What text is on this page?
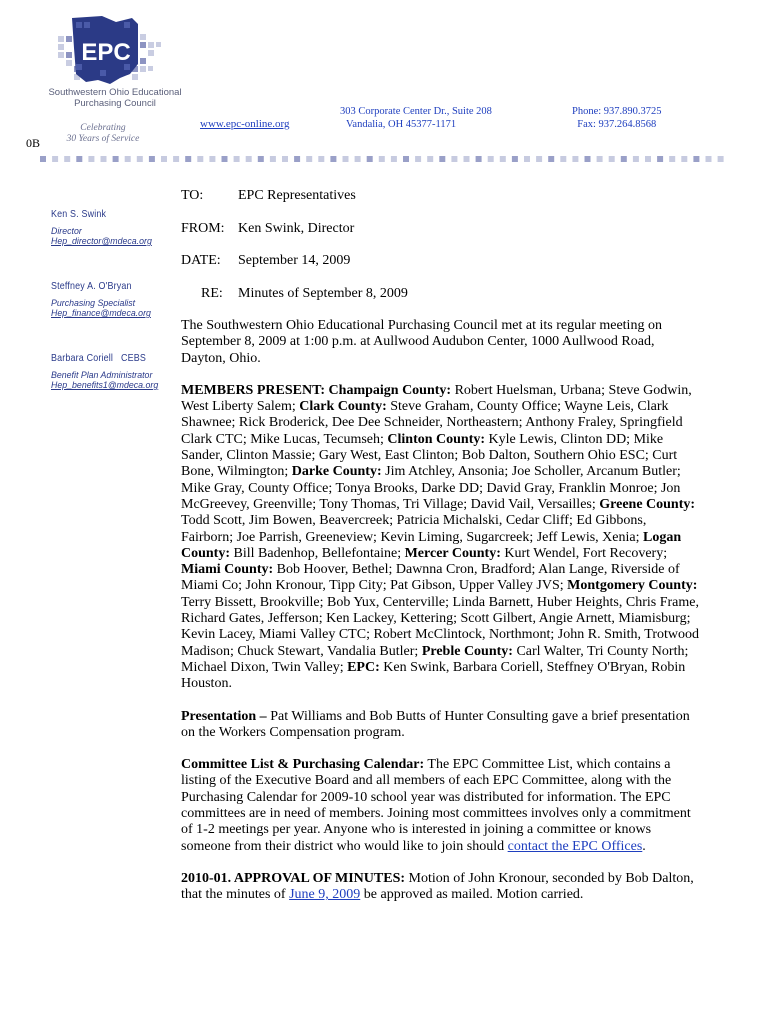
EPC
Southwestern Ohio Educational
Purchasing Council
Celebrating
30 Years of Service
0B
www.epc-online.org
303 Corporate Center Dr., Suite 208
Vandalia, OH 45377-1171
Phone: 937.890.3725
Fax: 937.264.8568
Ken S. Swink
Director
Hep_director@mdeca.org
Steffney A. O'Bryan
Purchasing Specialist
Hep_finance@mdeca.org
Barbara Coriell   CEBS
Benefit Plan Administrator
Hep_benefits1@mdeca.org
TO: EPC Representatives
FROM: Ken Swink, Director
DATE: September 14, 2009
RE: Minutes of September 8, 2009

The Southwestern Ohio Educational Purchasing Council met at its regular meeting on September 8, 2009 at 1:00 p.m. at Aullwood Audubon Center, 1000 Aullwood Road, Dayton, Ohio.

MEMBERS PRESENT: Champaign County: Robert Huelsman, Urbana; Steve Godwin, West Liberty Salem; Clark County: Steve Graham, County Office; Wayne Leis, Clark Shawnee; Rick Broderick, Dee Dee Schneider, Northeastern; Anthony Fraley, Springfield Clark CTC; Mike Lucas, Tecumseh; Clinton County: Kyle Lewis, Clinton DD; Mike Sander, Clinton Massie; Gary West, East Clinton; Bob Dalton, Southern Ohio ESC; Curt Bone, Wilmington; Darke County: Jim Atchley, Ansonia; Joe Scholler, Arcanum Butler; Mike Gray, County Office; Tonya Brooks, Darke DD; David Gray, Franklin Monroe; Jon McGreevey, Greenville; Tony Thomas, Tri Village; David Vail, Versailles; Greene County: Todd Scott, Jim Bowen, Beavercreek; Patricia Michalski, Cedar Cliff; Ed Gibbons, Fairborn; Joe Parrish, Greeneview; Kevin Liming, Sugarcreek; Jeff Lewis, Xenia; Logan County: Bill Badenhop, Bellefontaine; Mercer County: Kurt Wendel, Fort Recovery; Miami County: Bob Hoover, Bethel; Dawnna Cron, Bradford; Alan Lange, Riverside of Miami Co; John Kronour, Tipp City; Pat Gibson, Upper Valley JVS; Montgomery County: Terry Bissett, Brookville; Bob Yux, Centerville; Linda Barnett, Huber Heights, Chris Frame, Richard Gates, Jefferson; Ken Lackey, Kettering; Scott Gilbert, Angie Arnett, Miamisburg; Kevin Lacey, Miami Valley CTC; Robert McClintock, Northmont; John R. Smith, Trotwood Madison; Chuck Stewart, Vandalia Butler; Preble County: Carl Walter, Tri County North; Michael Dixon, Twin Valley; EPC: Ken Swink, Barbara Coriell, Steffney O'Bryan, Robin Houston.

Presentation – Pat Williams and Bob Butts of Hunter Consulting gave a brief presentation on the Workers Compensation program.

Committee List & Purchasing Calendar: The EPC Committee List, which contains a listing of the Executive Board and all members of each EPC Committee, along with the Purchasing Calendar for 2009-10 school year was distributed for information. The EPC committees are in need of members. Joining most committees involves only a commitment of 1-2 meetings per year. Anyone who is interested in joining a committee or knows someone from their district who would like to join should contact the EPC Offices.

2010-01. APPROVAL OF MINUTES: Motion of John Kronour, seconded by Bob Dalton, that the minutes of June 9, 2009 be approved as mailed. Motion carried.
